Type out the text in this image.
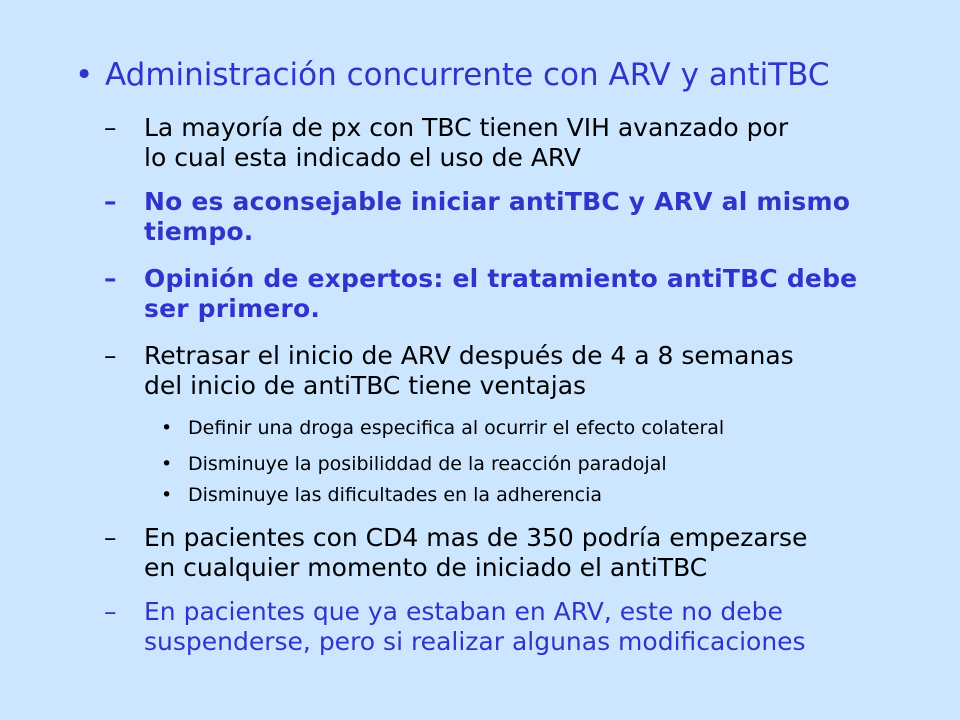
• Administración concurrente con ARV y antiTBC
– La mayoría de px con TBC tienen VIH avanzado por
lo cual esta indicado el uso de ARV
– No es aconsejable iniciar antiTBC y ARV al mismo
tiempo.
– Opinión de expertos: el tratamiento antiTBC debe
ser primero.
– Retrasar el inicio de ARV después de 4 a 8 semanas
del inicio de antiTBC tiene ventajas
• Definir una droga especifica al ocurrir el efecto colateral
• Disminuye la posibiliddad de la reacción paradojal
• Disminuye las dificultades en la adherencia
– En pacientes con CD4 mas de 350 podría empezarse
en cualquier momento de iniciado el antiTBC
– En pacientes que ya estaban en ARV, este no debe
suspenderse, pero si realizar algunas modificaciones
